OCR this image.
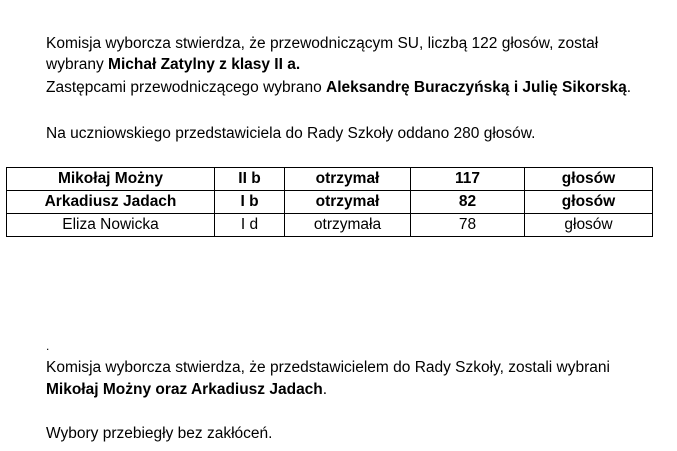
Komisja wyborcza stwierdza, że przewodniczącym SU, liczbą 122 głosów, został
wybrany Michał Zatylny z klasy II a.
Zastępcami przewodniczącego wybrano Aleksandrę Buraczyńską i Julię Sikorską.
Na uczniowskiego przedstawiciela do Rady Szkoły oddano 280 głosów.
Mikołaj Możny	II b	otrzymał	117	głosów
Arkadiusz Jadach	I b	otrzymał	82	głosów
Eliza Nowicka	I d	otrzymała	78	głosów
.
Komisja wyborcza stwierdza, że przedstawicielem do Rady Szkoły, zostali wybrani
Mikołaj Możny oraz Arkadiusz Jadach.
Wybory przebiegły bez zakłóceń.
